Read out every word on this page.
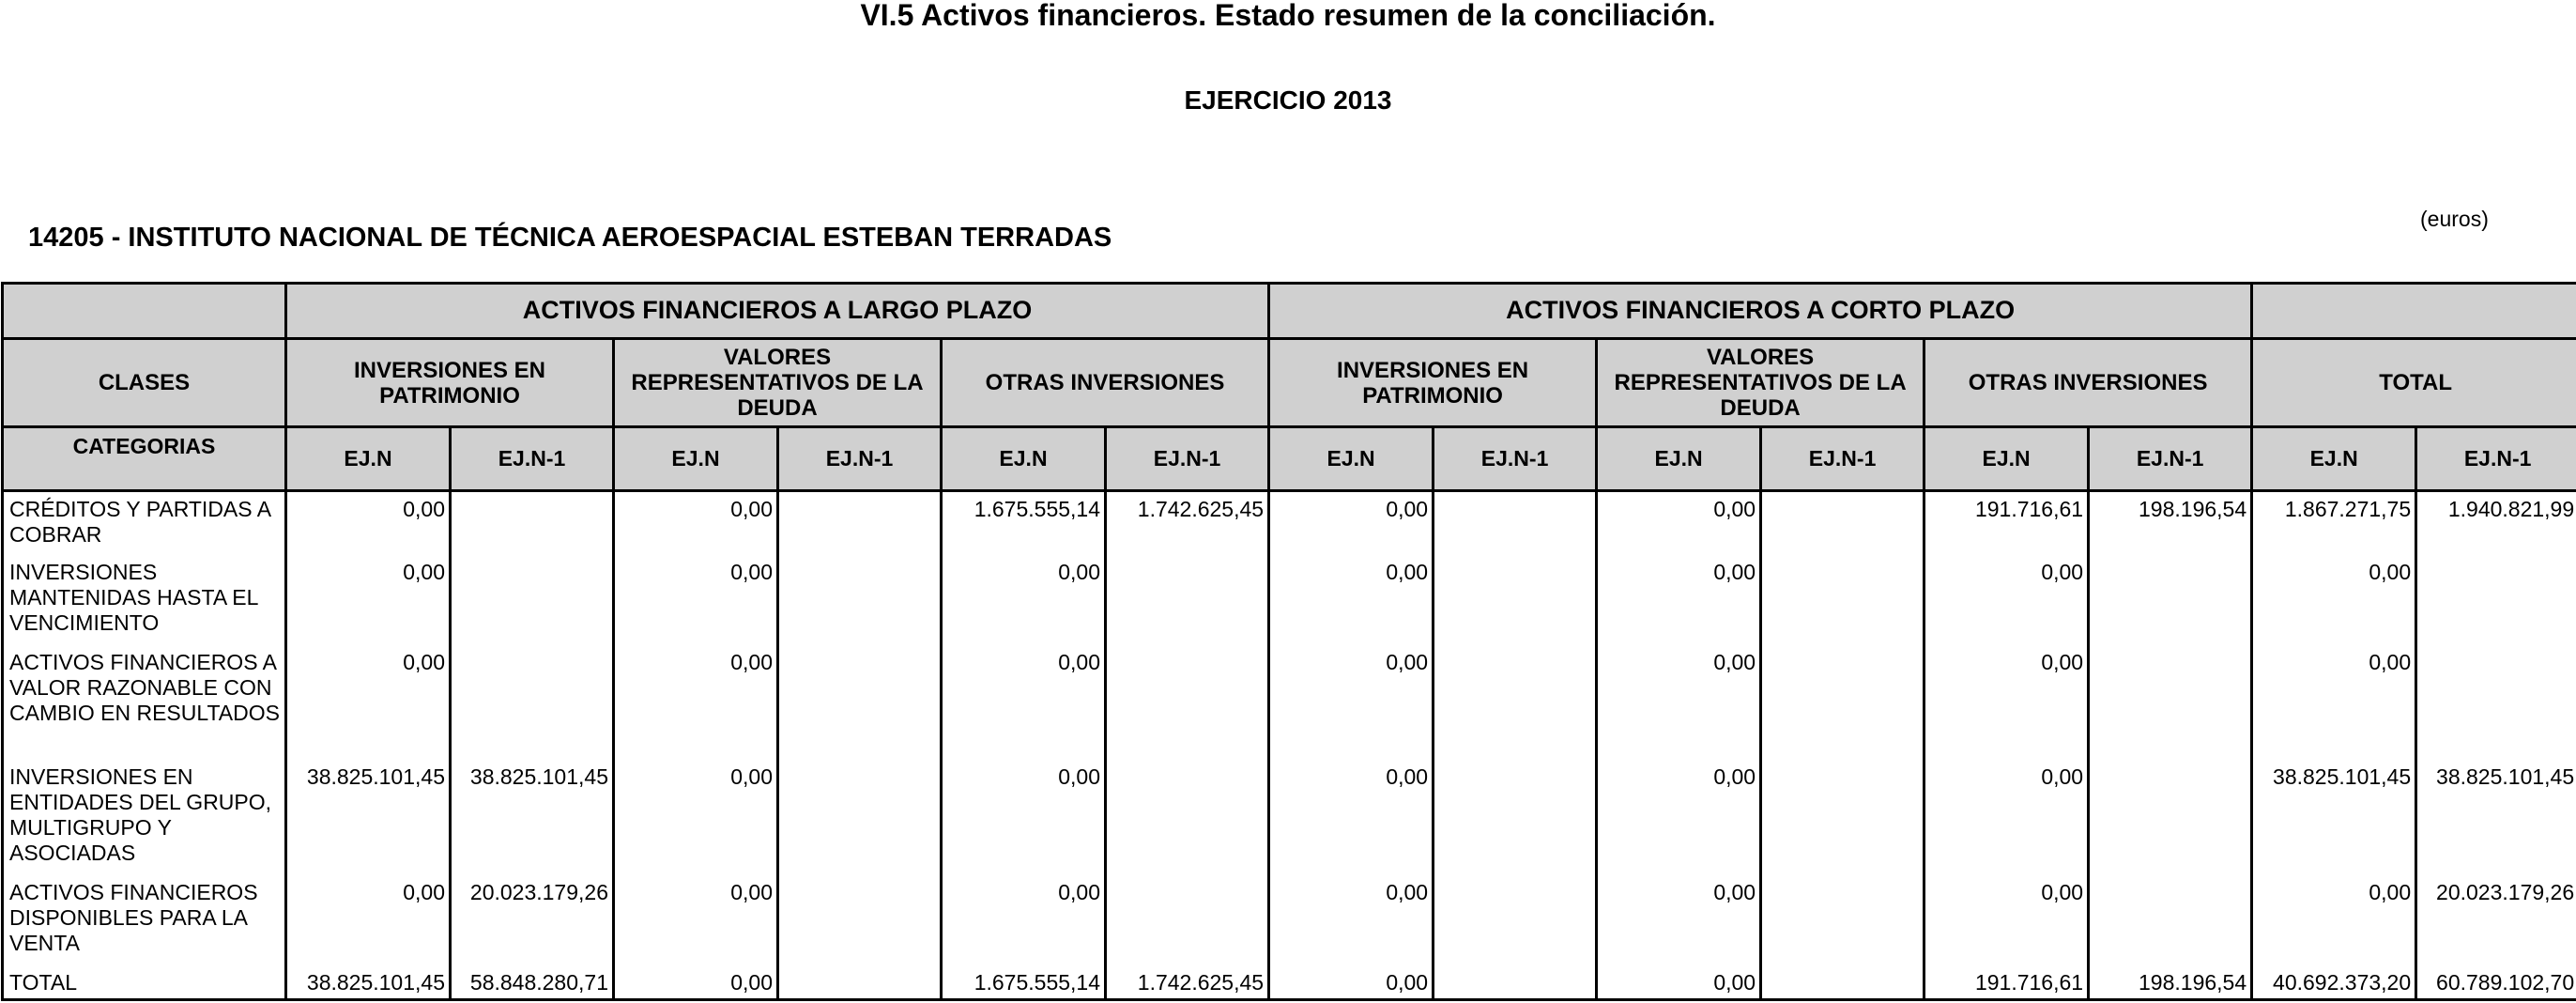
VI.5 Activos financieros. Estado resumen de la conciliación.
EJERCICIO 2013
14205 - INSTITUTO NACIONAL DE TÉCNICA AEROESPACIAL ESTEBAN TERRADAS
(euros)
	ACTIVOS FINANCIEROS A LARGO PLAZO						ACTIVOS FINANCIEROS A CORTO PLAZO							
CLASES	INVERSIONES EN PATRIMONIO		VALORES REPRESENTATIVOS DE LA DEUDA		OTRAS INVERSIONES		INVERSIONES EN PATRIMONIO		VALORES REPRESENTATIVOS DE LA DEUDA		OTRAS INVERSIONES		TOTAL	
CATEGORIAS	EJ.N	EJ.N-1	EJ.N	EJ.N-1	EJ.N	EJ.N-1	EJ.N	EJ.N-1	EJ.N	EJ.N-1	EJ.N	EJ.N-1	EJ.N	EJ.N-1
CRÉDITOS Y PARTIDAS A COBRAR	0,00		0,00		1.675.555,14	1.742.625,45	0,00		0,00		191.716,61	198.196,54	1.867.271,75	1.940.821,99
INVERSIONES MANTENIDAS HASTA EL VENCIMIENTO	0,00		0,00		0,00		0,00		0,00		0,00		0,00	
ACTIVOS FINANCIEROS A VALOR RAZONABLE CON CAMBIO EN RESULTADOS	0,00		0,00		0,00		0,00		0,00		0,00		0,00	
INVERSIONES EN ENTIDADES DEL GRUPO, MULTIGRUPO Y ASOCIADAS	38.825.101,45	38.825.101,45	0,00		0,00		0,00		0,00		0,00		38.825.101,45	38.825.101,45
ACTIVOS FINANCIEROS DISPONIBLES PARA LA VENTA	0,00	20.023.179,26	0,00		0,00		0,00		0,00		0,00		0,00	20.023.179,26
TOTAL	38.825.101,45	58.848.280,71	0,00		1.675.555,14	1.742.625,45	0,00		0,00		191.716,61	198.196,54	40.692.373,20	60.789.102,70
